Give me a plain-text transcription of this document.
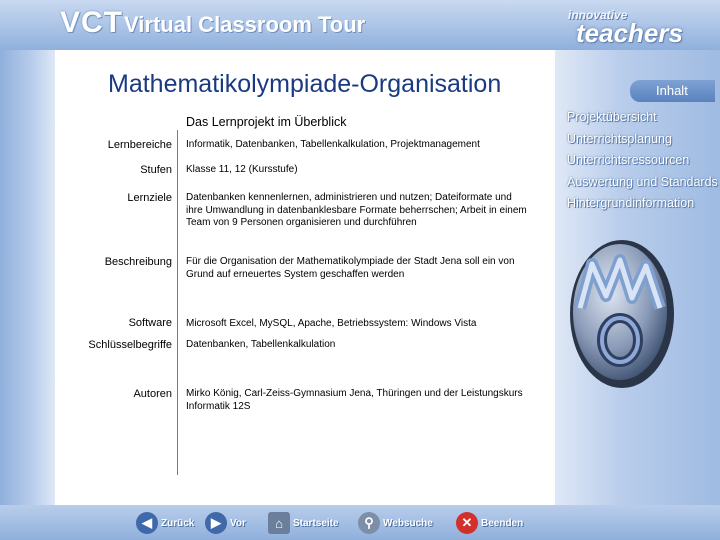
VCT Virtual Classroom Tour	innovative
teachers
Inhalt
Projektübersicht
Unterrichtsplanung
Unterrichtsressourcen
Auswertung und Standards
Hintergrundinformation
Mathematikolympiade-Organisation
Das Lernprojekt im Überblick
Lernbereiche Informatik, Datenbanken, Tabellenkalkulation, Projektmanagement
Stufen Klasse 11, 12 (Kursstufe)
Lernziele Datenbanken kennenlernen, administrieren und nutzen; Dateiformate und ihre Umwandlung in datenbanklesbare Formate beherrschen; Arbeit in einem Team von 9 Personen organisieren und durchführen
Beschreibung Für die Organisation der Mathematikolympiade der Stadt Jena soll ein von Grund auf erneuertes System geschaffen werden
Software Microsoft Excel, MySQL, Apache, Betriebssystem: Windows Vista
Schlüsselbegriffe Datenbanken, Tabellenkalkulation
Autoren Mirko König, Carl-Zeiss-Gymnasium Jena, Thüringen und der Leistungskurs Informatik 12S
◀ Zurück	▶ Vor	⌂	Startseite	⚲ Websuche	✕ Beenden
